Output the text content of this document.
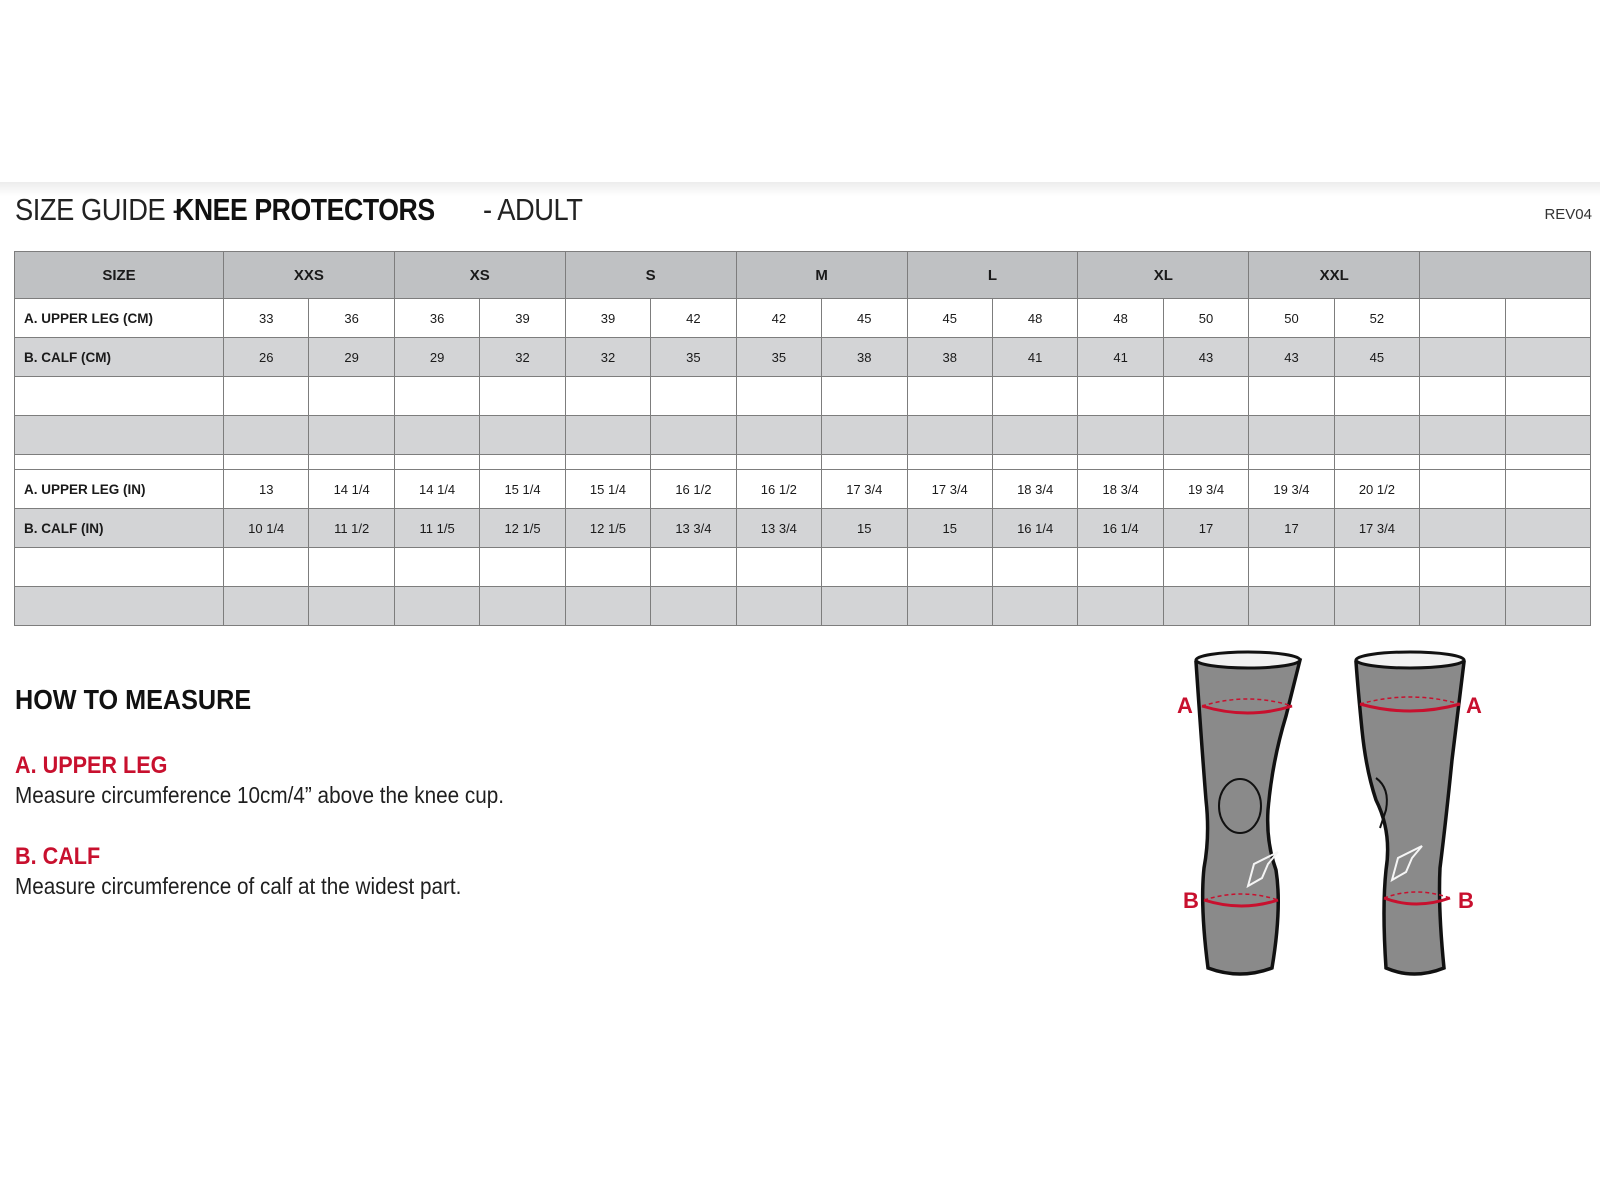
SIZE GUIDE -KNEE PROTECTORS - ADULT	REV04
SIZE	XXS		XS		S		M		L		XL		XXL			
A. UPPER LEG (CM)	33	36	36	39	39	42	42	45	45	48	48	50	50	52		
B. CALF (CM)	26	29	29	32	32	35	35	38	38	41	41	43	43	45		

A. UPPER LEG (IN)	13	14 1/4	14 1/4	15 1/4	15 1/4	16 1/2	16 1/2	17 3/4	17 3/4	18 3/4	18 3/4	19 3/4	19 3/4	20 1/2		
B. CALF (IN)	10 1/4	11 1/2	11 1/5	12 1/5	12 1/5	13 3/4	13 3/4	15	15	16 1/4	16 1/4	17	17	17 3/4		

HOW TO MEASURE
A. UPPER LEG
Measure circumference 10cm/4” above the knee cup.
B. CALF
Measure circumference of calf at the widest part.
A
B
A
B
